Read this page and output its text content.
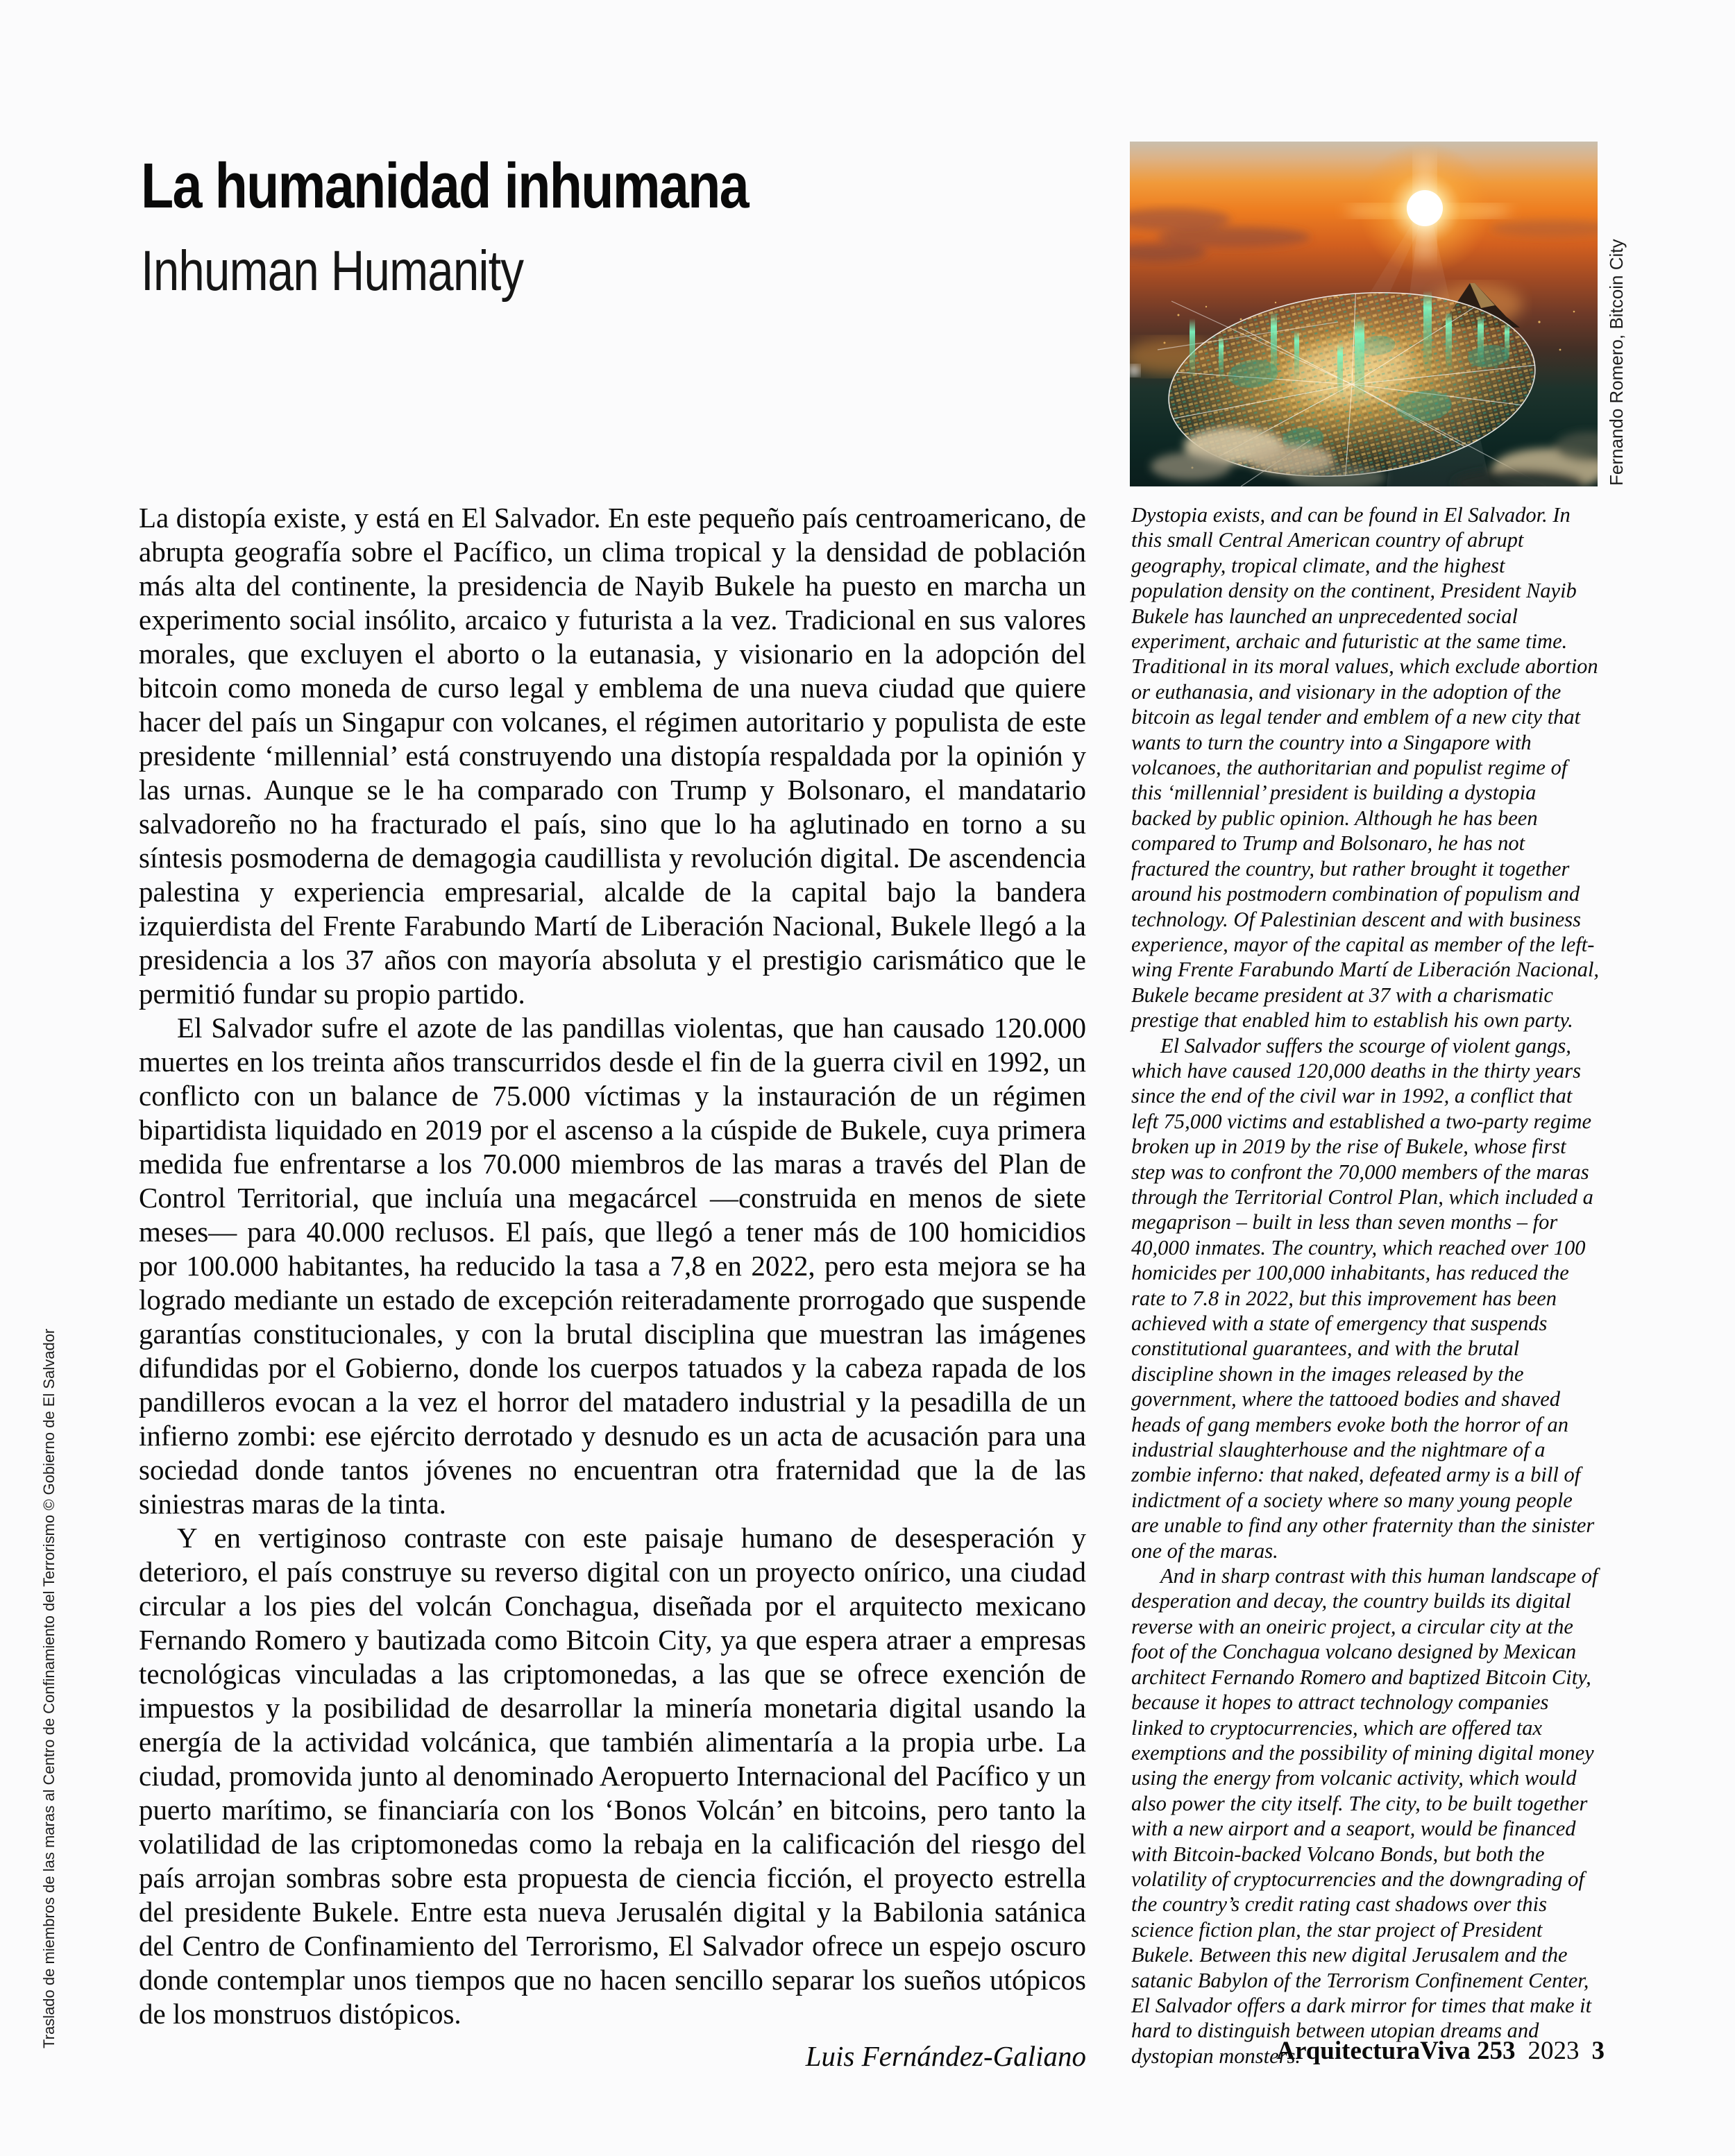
La humanidad inhumana
Inhuman Humanity	Fernando Romero, Bitcoin City
Traslado de miembros de las maras al Centro de Confinamiento del Terrorismo © Gobierno de El Salvador

La distopía existe, y está en El Salvador. En este pequeño país centroamericano, de abrupta geografía sobre el Pacífico, un clima tropical y la densidad de población más alta del continente, la presidencia de Nayib Bukele ha puesto en marcha un experimento social insólito, arcaico y futurista a la vez. Tradicional en sus valores morales, que excluyen el aborto o la eutanasia, y visionario en la adopción del bitcoin como moneda de curso legal y emblema de una nueva ciudad que quiere hacer del país un Singapur con volcanes, el régimen autoritario y populista de este presidente ‘millennial’ está construyendo una distopía respaldada por la opinión y las urnas. Aunque se le ha comparado con Trump y Bolsonaro, el mandatario salvadoreño no ha fracturado el país, sino que lo ha aglutinado en torno a su síntesis posmoderna de demagogia caudillista y revolución digital. De ascendencia palestina y experiencia empresarial, alcalde de la capital bajo la bandera izquierdista del Frente Farabundo Martí de Liberación Nacional, Bukele llegó a la presidencia a los 37 años con mayoría absoluta y el prestigio carismático que le permitió fundar su propio partido.

El Salvador sufre el azote de las pandillas violentas, que han causado 120.000 muertes en los treinta años transcurridos desde el fin de la guerra civil en 1992, un conflicto con un balance de 75.000 víctimas y la instauración de un régimen bipartidista liquidado en 2019 por el ascenso a la cúspide de Bukele, cuya primera medida fue enfrentarse a los 70.000 miembros de las maras a través del Plan de Control Territorial, que incluía una megacárcel —construida en menos de siete meses— para 40.000 reclusos. El país, que llegó a tener más de 100 homicidios por 100.000 habitantes, ha reducido la tasa a 7,8 en 2022, pero esta mejora se ha logrado mediante un estado de excepción reiteradamente prorrogado que suspende garantías constitucionales, y con la brutal disciplina que muestran las imágenes difundidas por el Gobierno, donde los cuerpos tatuados y la cabeza rapada de los pandilleros evocan a la vez el horror del matadero industrial y la pesadilla de un infierno zombi: ese ejército derrotado y desnudo es un acta de acusación para una sociedad donde tantos jóvenes no encuentran otra fraternidad que la de las siniestras maras de la tinta.

Y en vertiginoso contraste con este paisaje humano de desesperación y deterioro, el país construye su reverso digital con un proyecto onírico, una ciudad circular a los pies del volcán Conchagua, diseñada por el arquitecto mexicano Fernando Romero y bautizada como Bitcoin City, ya que espera atraer a empresas tecnológicas vinculadas a las criptomonedas, a las que se ofrece exención de impuestos y la posibilidad de desarrollar la minería monetaria digital usando la energía de la actividad volcánica, que también alimentaría a la propia urbe. La ciudad, promovida junto al denominado Aeropuerto Internacional del Pacífico y un puerto marítimo, se financiaría con los ‘Bonos Volcán’ en bitcoins, pero tanto la volatilidad de las criptomonedas como la rebaja en la calificación del riesgo del país arrojan sombras sobre esta propuesta de ciencia ficción, el proyecto estrella del presidente Bukele. Entre esta nueva Jerusalén digital y la Babilonia satánica del Centro de Confinamiento del Terrorismo, El Salvador ofrece un espejo oscuro donde contemplar unos tiempos que no hacen sencillo separar los sueños utópicos de los monstruos distópicos.

Luis Fernández-Galiano

Dystopia exists, and can be found in El Salvador. In this small Central American country of abrupt geography, tropical climate, and the highest population density on the continent, President Nayib Bukele has launched an unprecedented social experiment, archaic and futuristic at the same time. Traditional in its moral values, which exclude abortion or euthanasia, and visionary in the adoption of the bitcoin as legal tender and emblem of a new city that wants to turn the country into a Singapore with volcanoes, the authoritarian and populist regime of this ‘millennial’ president is building a dystopia backed by public opinion. Although he has been compared to Trump and Bolsonaro, he has not fractured the country, but rather brought it together around his postmodern combination of populism and technology. Of Palestinian descent and with business experience, mayor of the capital as member of the left-wing Frente Farabundo Martí de Liberación Nacional, Bukele became president at 37 with a charismatic prestige that enabled him to establish his own party.

El Salvador suffers the scourge of violent gangs, which have caused 120,000 deaths in the thirty years since the end of the civil war in 1992, a conflict that left 75,000 victims and established a two-party regime broken up in 2019 by the rise of Bukele, whose first step was to confront the 70,000 members of the maras through the Territorial Control Plan, which included a megaprison – built in less than seven months – for 40,000 inmates. The country, which reached over 100 homicides per 100,000 inhabitants, has reduced the rate to 7.8 in 2022, but this improvement has been achieved with a state of emergency that suspends constitutional guarantees, and with the brutal discipline shown in the images released by the government, where the tattooed bodies and shaved heads of gang members evoke both the horror of an industrial slaughterhouse and the nightmare of a zombie inferno: that naked, defeated army is a bill of indictment of a society where so many young people are unable to find any other fraternity than the sinister one of the maras.

And in sharp contrast with this human landscape of desperation and decay, the country builds its digital reverse with an oneiric project, a circular city at the foot of the Conchagua volcano designed by Mexican architect Fernando Romero and baptized Bitcoin City, because it hopes to attract technology companies linked to cryptocurrencies, which are offered tax exemptions and the possibility of mining digital money using the energy from volcanic activity, which would also power the city itself. The city, to be built together with a new airport and a seaport, would be financed with Bitcoin-backed Volcano Bonds, but both the volatility of cryptocurrencies and the downgrading of the country’s credit rating cast shadows over this science fiction plan, the star project of President Bukele. Between this new digital Jerusalem and the satanic Babylon of the Terrorism Confinement Center, El Salvador offers a dark mirror for times that make it hard to distinguish between utopian dreams and dystopian monsters.

ArquitecturaViva 253 2023 3
